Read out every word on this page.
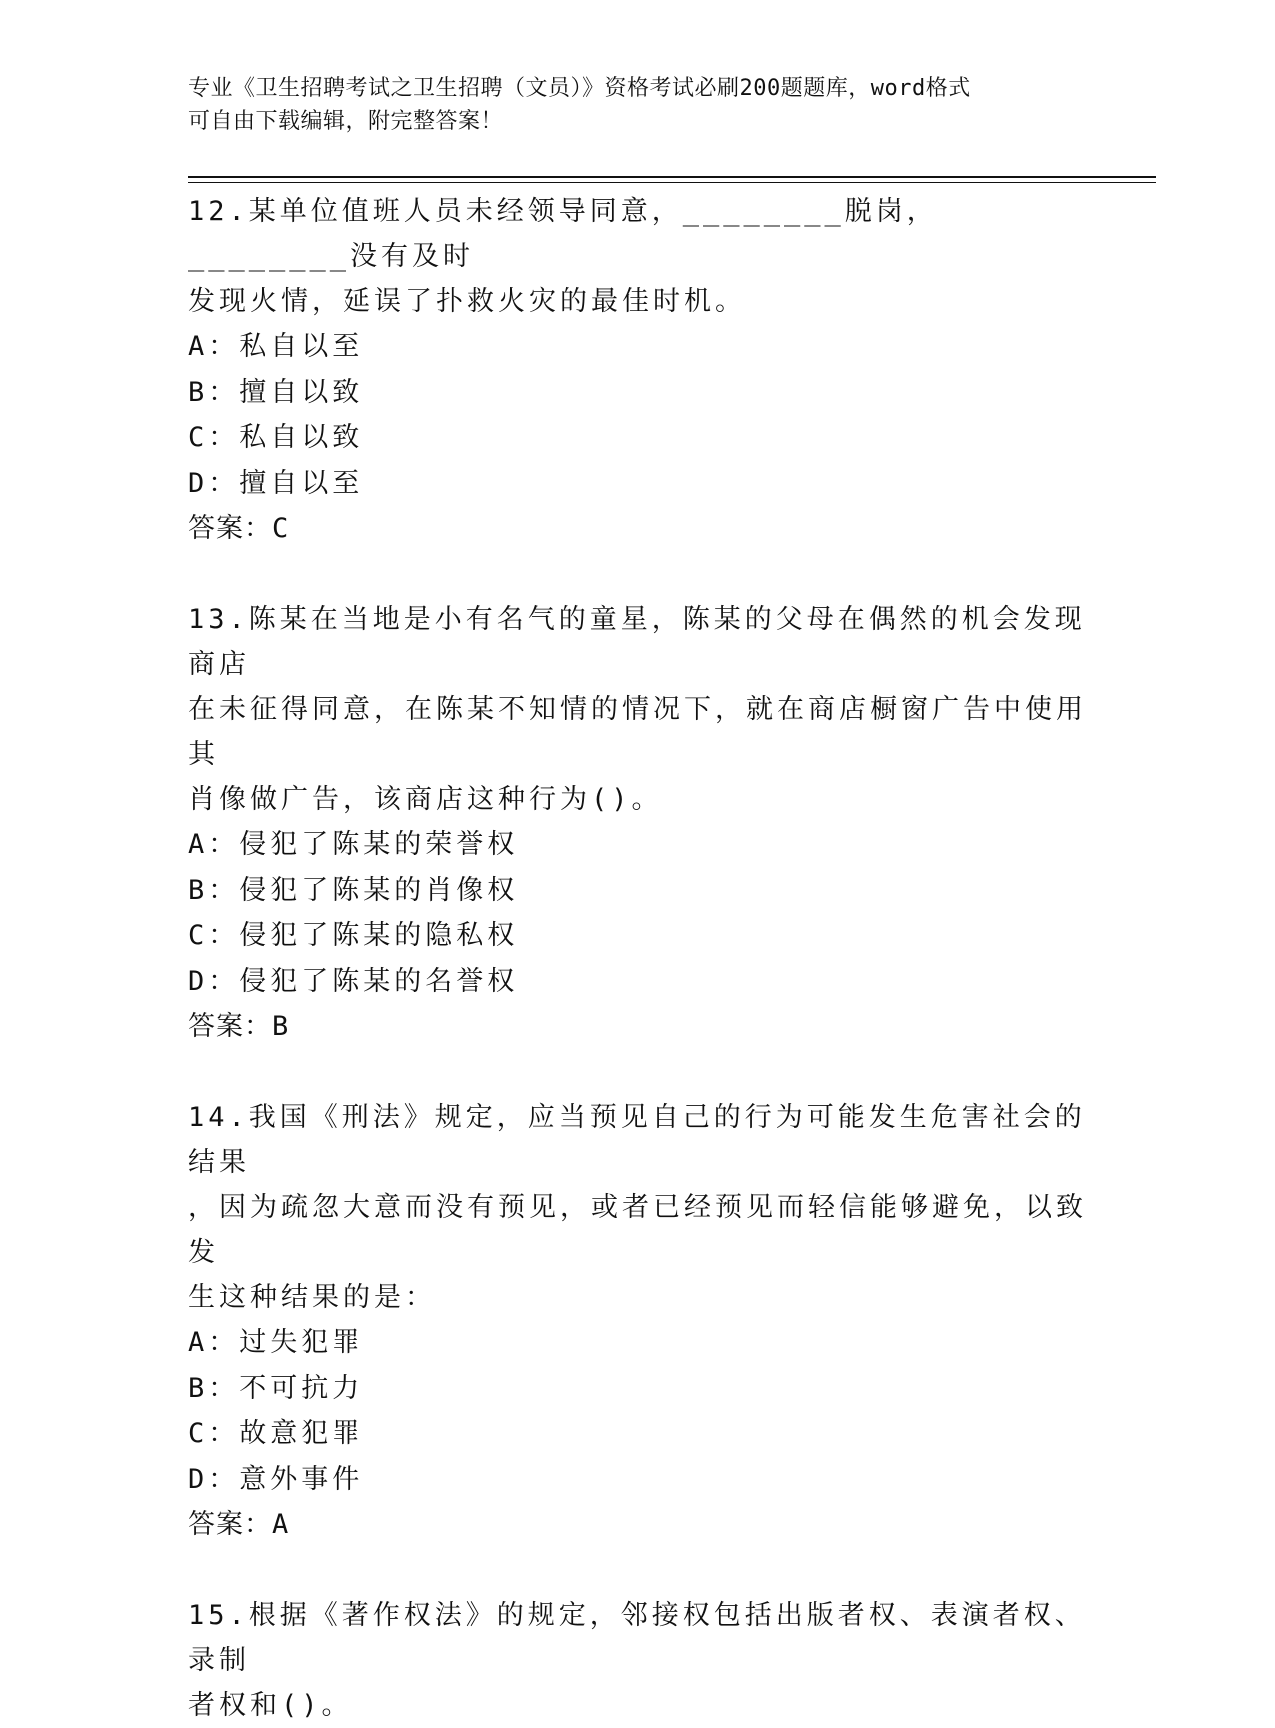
专业《卫生招聘考试之卫生招聘（文员）》资格考试必刷200题题库，word格式
可自由下载编辑，附完整答案！
12.某单位值班人员未经领导同意，________脱岗，________没有及时
发现火情，延误了扑救火灾的最佳时机。
A：私自以至
B：擅自以致
C：私自以致
D：擅自以至
答案：C
13.陈某在当地是小有名气的童星，陈某的父母在偶然的机会发现商店
在未征得同意，在陈某不知情的情况下，就在商店橱窗广告中使用其
肖像做广告，该商店这种行为()。
A：侵犯了陈某的荣誉权
B：侵犯了陈某的肖像权
C：侵犯了陈某的隐私权
D：侵犯了陈某的名誉权
答案：B
14.我国《刑法》规定，应当预见自己的行为可能发生危害社会的结果
，因为疏忽大意而没有预见，或者已经预见而轻信能够避免，以致发
生这种结果的是：
A：过失犯罪
B：不可抗力
C：故意犯罪
D：意外事件
答案：A
15.根据《著作权法》的规定，邻接权包括出版者权、表演者权、录制
者权和()。
